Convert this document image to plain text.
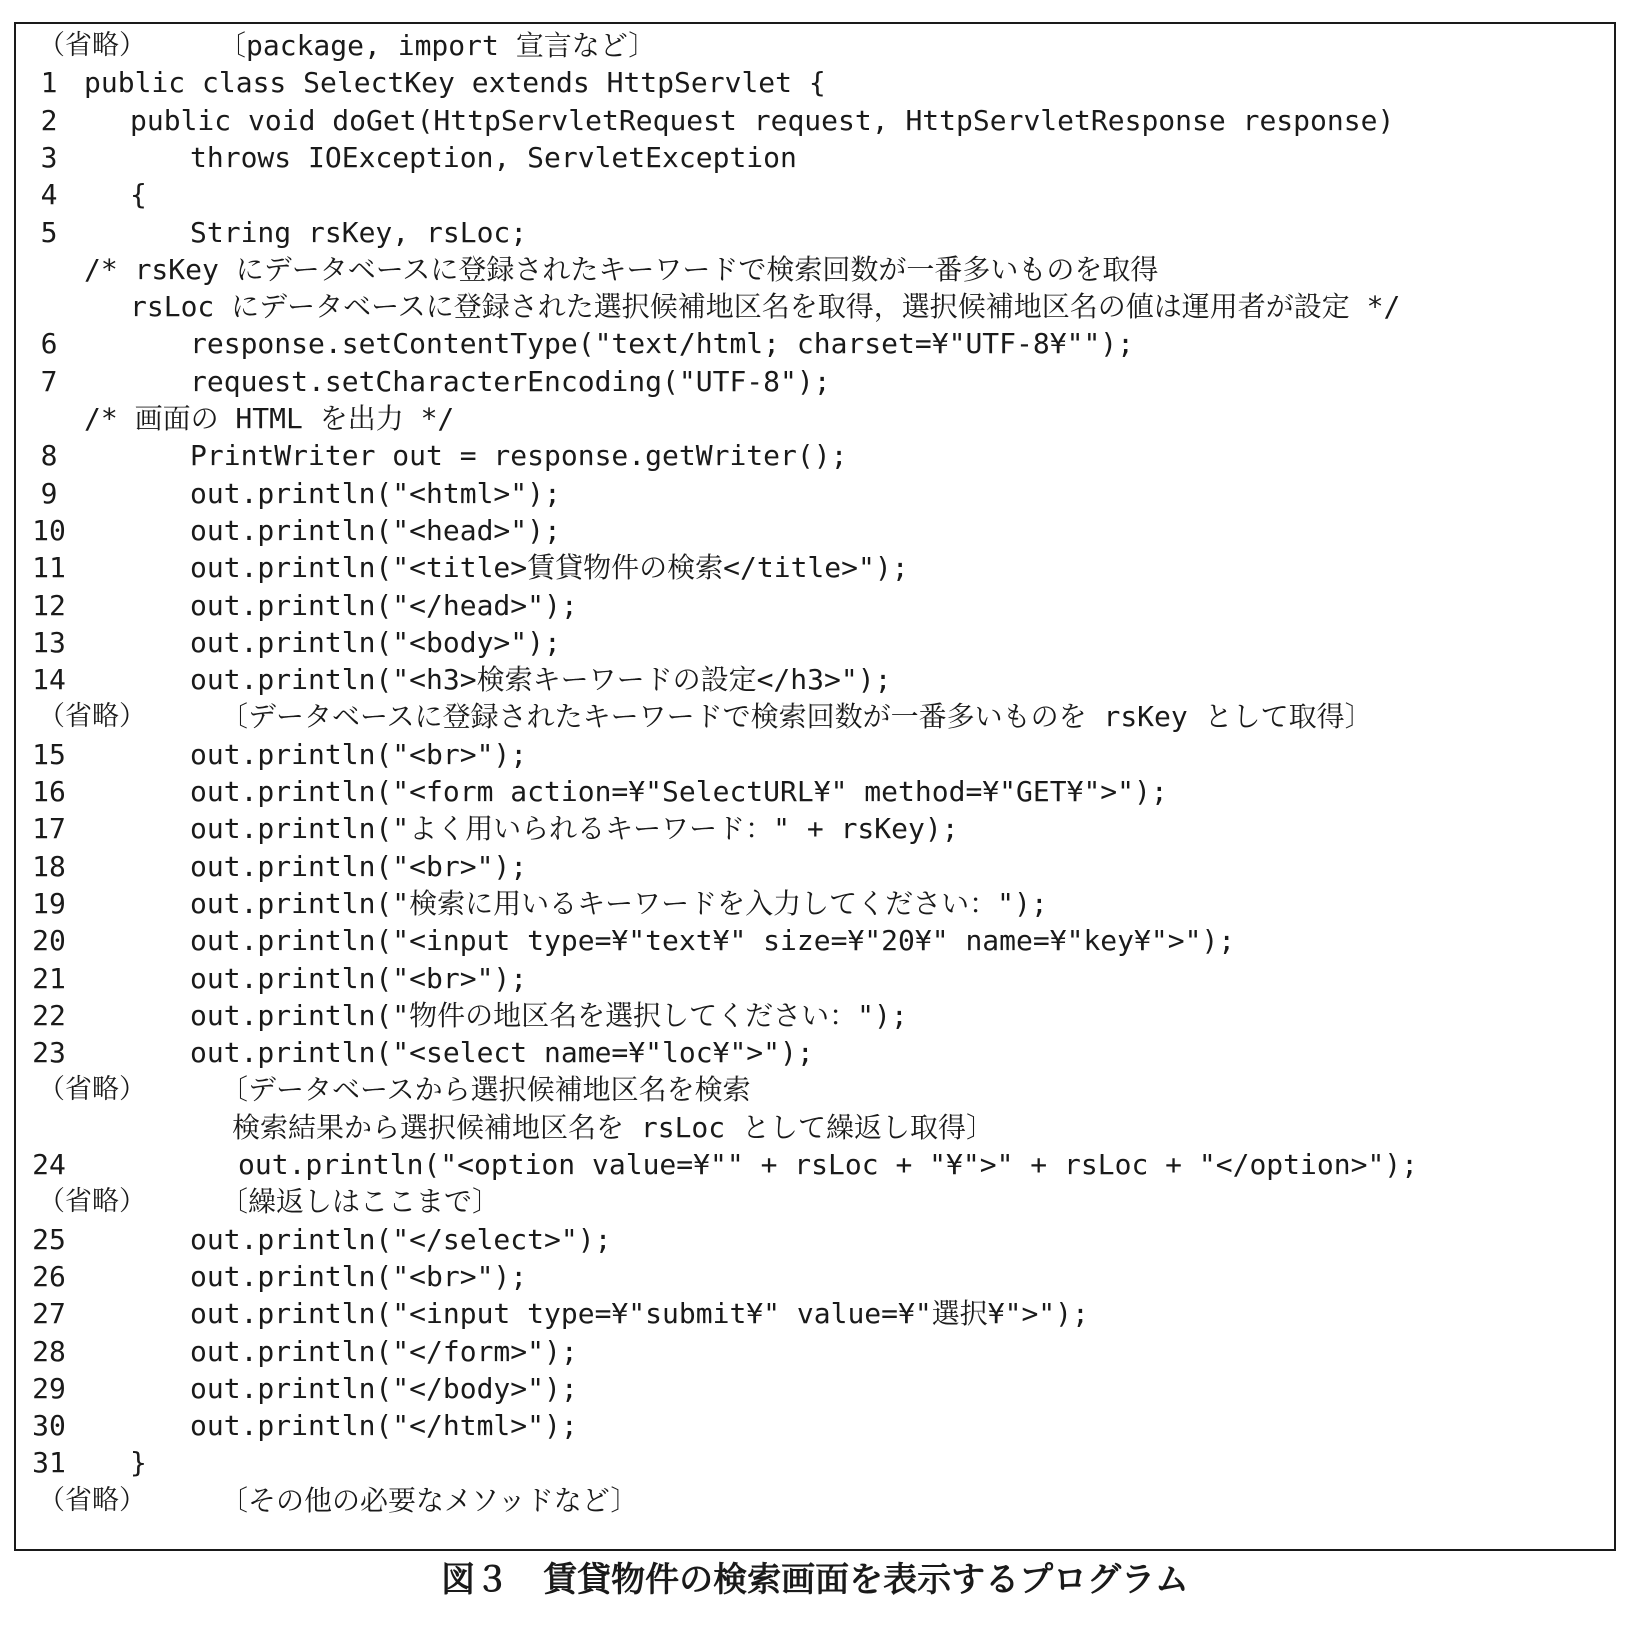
（省略）	〔package, import 宣言など〕
1 public class SelectKey extends HttpServlet {
2	public void doGet(HttpServletRequest request, HttpServletResponse response)
3	throws IOException, ServletException
4	{
5	String rsKey, rsLoc;
/* rsKey にデータベースに登録されたキーワードで検索回数が一番多いものを取得
rsLoc にデータベースに登録された選択候補地区名を取得，選択候補地区名の値は運用者が設定 */
6	response.setContentType("text/html; charset=¥"UTF-8¥"");
7	request.setCharacterEncoding("UTF-8");
/* 画面の HTML を出力 */
8	PrintWriter out = response.getWriter();
9	out.println("<html>");
10	out.println("<head>");
11	out.println("<title>賃貸物件の検索</title>");
12	out.println("</head>");
13	out.println("<body>");
14	out.println("<h3>検索キーワードの設定</h3>");
（省略）	〔データベースに登録されたキーワードで検索回数が一番多いものを rsKey として取得〕
15	out.println("<br>");
16	out.println("<form action=¥"SelectURL¥" method=¥"GET¥">");
17	out.println("よく用いられるキーワード：" + rsKey);
18	out.println("<br>");
19	out.println("検索に用いるキーワードを入力してください：");
20	out.println("<input type=¥"text¥" size=¥"20¥" name=¥"key¥">");
21	out.println("<br>");
22	out.println("物件の地区名を選択してください：");
23	out.println("<select name=¥"loc¥">");
（省略）	〔データベースから選択候補地区名を検索
検索結果から選択候補地区名を rsLoc として繰返し取得〕
24	out.println("<option value=¥"" + rsLoc + "¥">" + rsLoc + "</option>");
（省略）	〔繰返しはここまで〕
25	out.println("</select>");
26	out.println("<br>");
27	out.println("<input type=¥"submit¥" value=¥"選択¥">");
28	out.println("</form>");
29	out.println("</body>");
30	out.println("</html>");
31	}
（省略）	〔その他の必要なメソッドなど〕
図３　賃貸物件の検索画面を表示するプログラム
